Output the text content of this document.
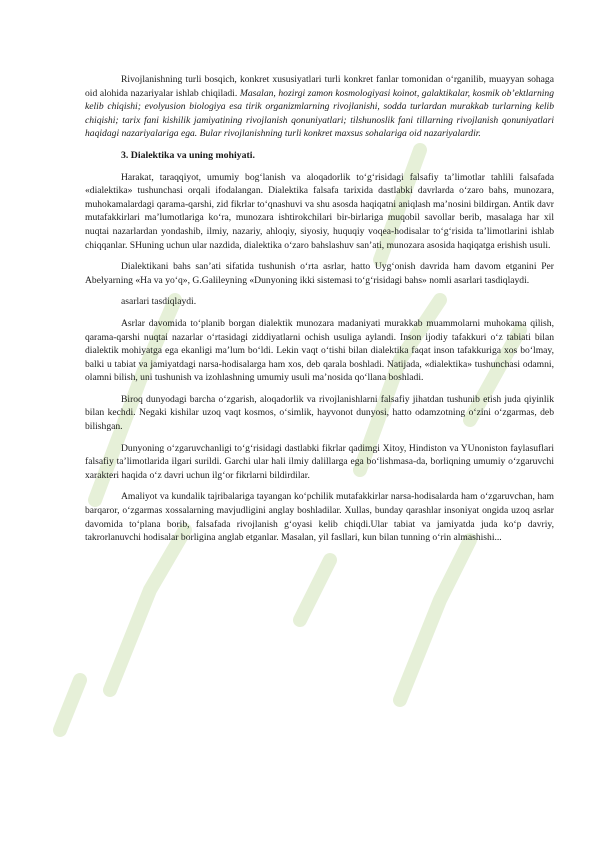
Rivojlanishning turli bosqich, konkret xususiyatlari turli konkret fanlar tomonidan o‘rganilib, muayyan sohaga oid alohida nazariyalar ishlab chiqiladi. Masalan, hozirgi zamon kosmologiyasi koinot, galaktikalar, kosmik ob’ektlarning kelib chiqishi; evolyusion biologiya esa tirik organizmlarning rivojlanishi, sodda turlardan murakkab turlarning kelib chiqishi; tarix fani kishilik jamiyatining rivojlanish qonuniyatlari; tilshunoslik fani tillarning rivojlanish qonuniyatlari haqidagi nazariyalariga ega. Bular rivojlanishning turli konkret maxsus sohalariga oid nazariyalardir.

3. Dialektika va uning mohiyati.

Harakat, taraqqiyot, umumiy bog‘lanish va aloqadorlik to‘g‘risidagi falsafiy ta’limotlar tahlili falsafada «dialektika» tushunchasi orqali ifodalangan. Dialektika falsafa tarixida dastlabki davrlarda o‘zaro bahs, munozara, muhokamalardagi qarama-qarshi, zid fikrlar to‘qnashuvi va shu asosda haqiqatni aniqlash ma’nosini bildirgan. Antik davr mutafakkirlari ma’lumotlariga ko‘ra, munozara ishtirokchilari bir-birlariga muqobil savollar berib, masalaga har xil nuqtai nazarlardan yondashib, ilmiy, nazariy, ahloqiy, siyosiy, huquqiy voqea-hodisalar to‘g‘risida ta’limotlarini ishlab chiqqanlar. SHuning uchun ular nazdida, dialektika o‘zaro bahslashuv san’ati, munozara asosida haqiqatga erishish usuli.

Dialektikani bahs san’ati sifatida tushunish o‘rta asrlar, hatto Uyg‘onish davrida ham davom etganini Per Abelyarning «Ha va yo‘q», G.Galileyning «Dunyoning ikki sistemasi to‘g‘risidagi bahs» nomli asarlari tasdiqlaydi.

asarlari tasdiqlaydi.

Asrlar davomida to‘planib borgan dialektik munozara madaniyati murakkab muammolarni muhokama qilish, qarama-qarshi nuqtai nazarlar o‘rtasidagi ziddiyatlarni ochish usuliga aylandi. Inson ijodiy tafakkuri o‘z tabiati bilan dialektik mohiyatga ega ekanligi ma’lum bo‘ldi. Lekin vaqt o‘tishi bilan dialektika faqat inson tafakkuriga xos bo‘lmay, balki u tabiat va jamiyatdagi narsa-hodisalarga ham xos, deb qarala boshladi. Natijada, «dialektika» tushunchasi odamni, olamni bilish, uni tushunish va izohlashning umumiy usuli ma’nosida qo‘llana boshladi.

Biroq dunyodagi barcha o‘zgarish, aloqadorlik va rivojlanishlarni falsafiy jihatdan tushunib etish juda qiyinlik bilan kechdi. Negaki kishilar uzoq vaqt kosmos, o‘simlik, hayvonot dunyosi, hatto odamzotning o‘zini o‘zgarmas, deb bilishgan.

Dunyoning o‘zgaruvchanligi to‘g‘risidagi dastlabki fikrlar qadimgi Xitoy, Hindiston va YUnoniston faylasuflari falsafiy ta’limotlarida ilgari surildi. Garchi ular hali ilmiy dalillarga ega bo‘lishmasa-da, borliqning umumiy o‘zgaruvchi xarakteri haqida o‘z davri uchun ilg‘or fikrlarni bildirdilar.

Amaliyot va kundalik tajribalariga tayangan ko‘pchilik mutafakkirlar narsa-hodisalarda ham o‘zgaruvchan, ham barqaror, o‘zgarmas xossalarning mavjudligini anglay boshladilar. Xullas, bunday qarashlar insoniyat ongida uzoq asrlar davomida to‘plana borib, falsafada rivojlanish g‘oyasi kelib chiqdi.Ular tabiat va jamiyatda juda ko‘p davriy, takrorlanuvchi hodisalar borligina anglab etganlar. Masalan, yil fasllari, kun bilan tunning o‘rin almashishi...
